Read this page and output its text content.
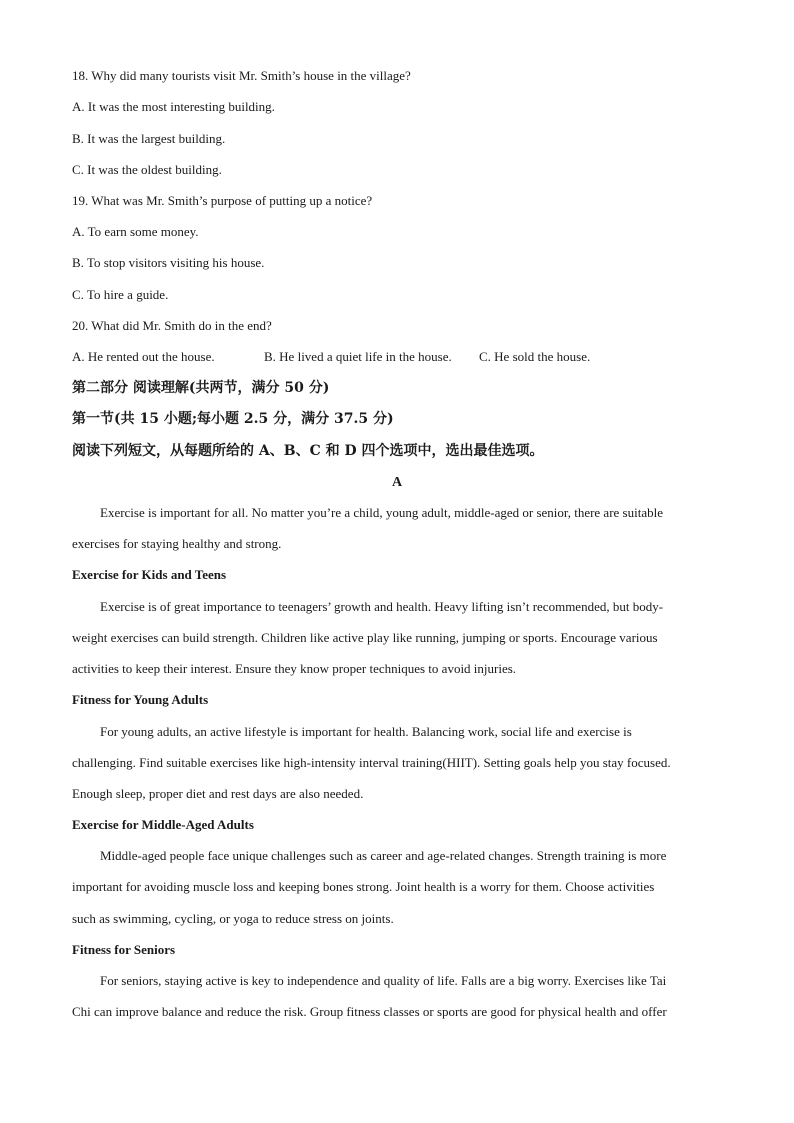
18. Why did many tourists visit Mr. Smith’s house in the village?
A. It was the most interesting building.
B. It was the largest building.
C. It was the oldest building.
19. What was Mr. Smith’s purpose of putting up a notice?
A. To earn some money.
B. To stop visitors visiting his house.
C. To hire a guide.
20. What did Mr. Smith do in the end?
A. He rented out the house.	B. He lived a quiet life in the house. C. He sold the house.
第二部分 阅读理解(共两节，满分 50 分)
第一节(共 15 小题;每小题 2.5 分，满分 37.5 分)
阅读下列短文，从每题所给的 A、B、C 和 D 四个选项中，选出最佳选项。
A
Exercise is important for all. No matter you’re a child, young adult, middle-aged or senior, there are suitable
exercises for staying healthy and strong.
Exercise for Kids and Teens
Exercise is of great importance to teenagers’ growth and health. Heavy lifting isn’t recommended, but body-
weight exercises can build strength. Children like active play like running, jumping or sports. Encourage various
activities to keep their interest. Ensure they know proper techniques to avoid injuries.
Fitness for Young Adults
For young adults, an active lifestyle is important for health. Balancing work, social life and exercise is
challenging. Find suitable exercises like high-intensity interval training(HIIT). Setting goals help you stay focused.
Enough sleep, proper diet and rest days are also needed.
Exercise for Middle-Aged Adults
Middle-aged people face unique challenges such as career and age-related changes. Strength training is more
important for avoiding muscle loss and keeping bones strong. Joint health is a worry for them. Choose activities
such as swimming, cycling, or yoga to reduce stress on joints.
Fitness for Seniors
For seniors, staying active is key to independence and quality of life. Falls are a big worry. Exercises like Tai
Chi can improve balance and reduce the risk. Group fitness classes or sports are good for physical health and offer
